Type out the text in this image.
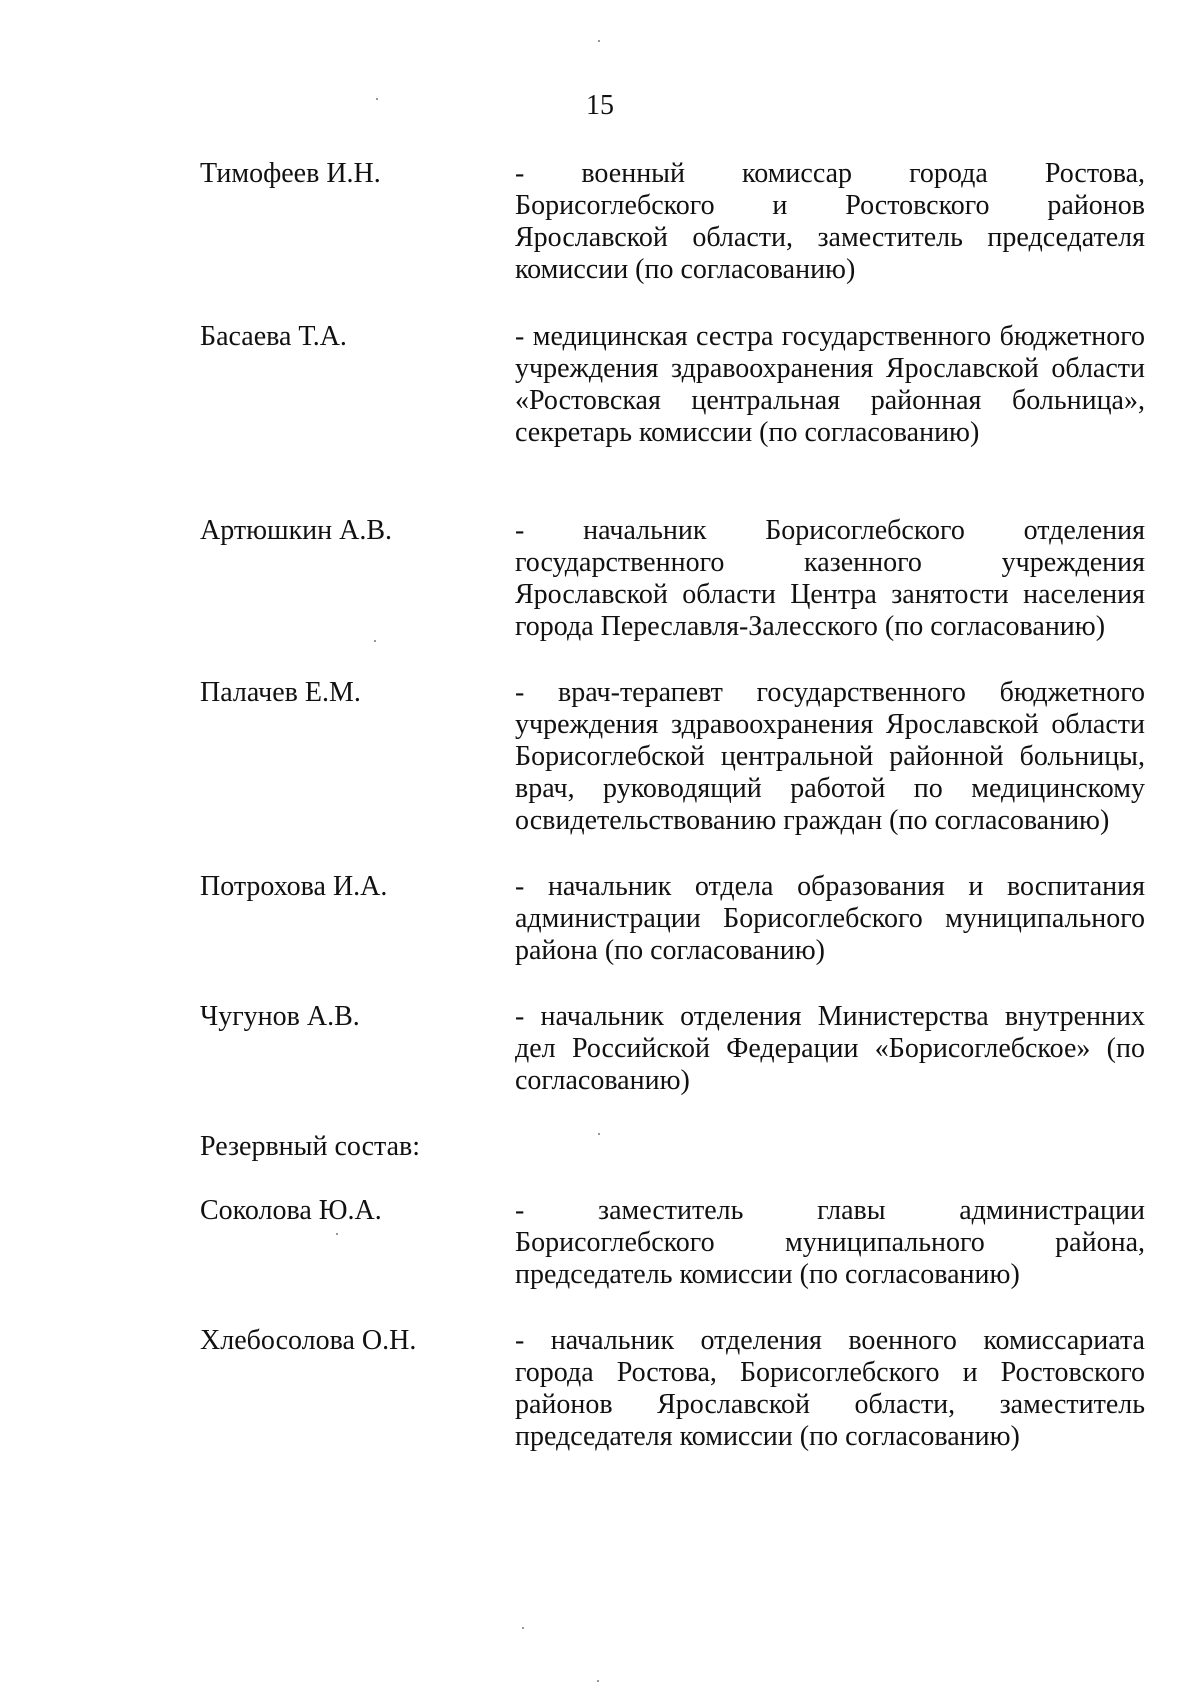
15
Тимофеев И.Н.	- военный комиссар города Ростова, Борисоглебского и Ростовского районов Ярославской области, заместитель председателя комиссии (по согласованию)
Басаева Т.А.	- медицинская сестра государственного бюджетного учреждения здравоохранения Ярославской области «Ростовская центральная районная больница», секретарь комиссии (по согласованию)
Артюшкин А.В.	- начальник Борисоглебского отделения государственного казенного учреждения Ярославской области Центра занятости населения города Переславля-Залесского (по согласованию)
Палачев Е.М.	- врач-терапевт государственного бюджетного учреждения здравоохранения Ярославской области Борисоглебской центральной районной больницы, врач, руководящий работой по медицинскому освидетельствованию граждан (по согласованию)
Потрохова И.А.	- начальник отдела образования и воспитания администрации Борисоглебского муниципального района (по согласованию)
Чугунов А.В.	- начальник отделения Министерства внутренних дел Российской Федерации «Борисоглебское» (по согласованию)
Резервный состав:
Соколова Ю.А.	- заместитель главы администрации Борисоглебского муниципального района, председатель комиссии (по согласованию)
Хлебосолова О.Н.	- начальник отделения военного комиссариата города Ростова, Борисоглебского и Ростовского районов Ярославской области, заместитель председателя комиссии (по согласованию)
